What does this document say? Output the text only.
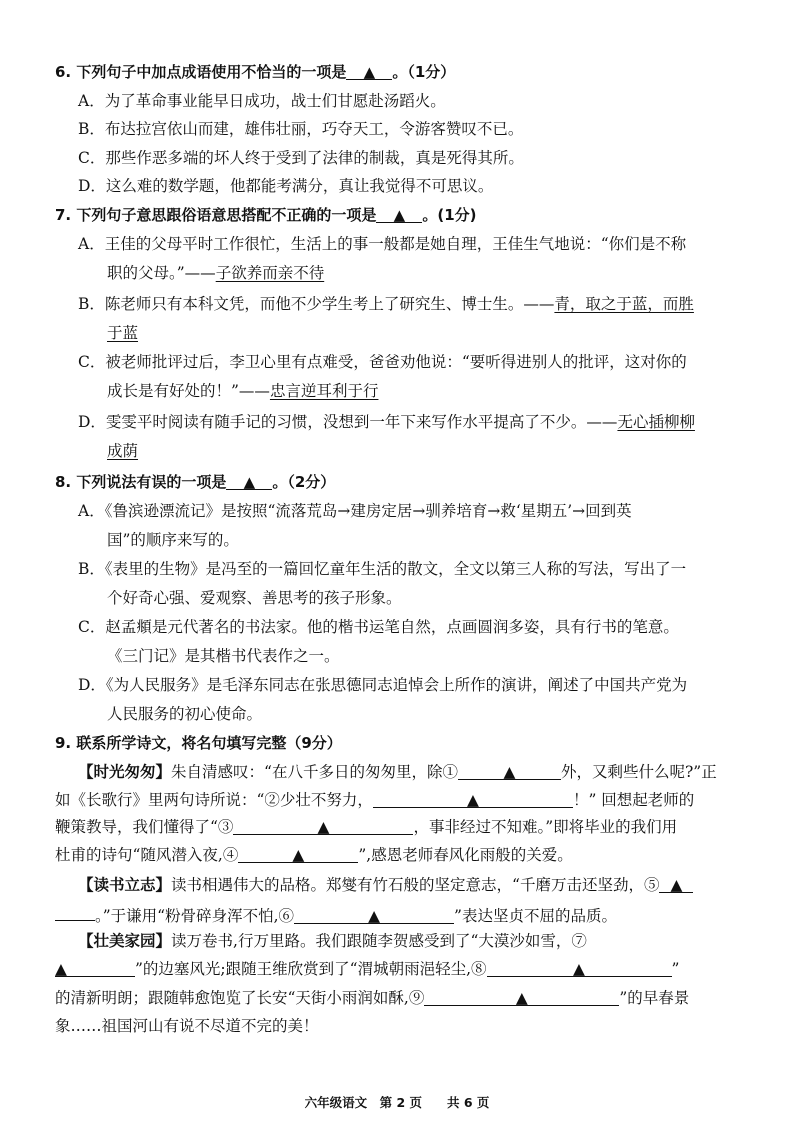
6. 下列句子中加点成语使用不恰当的一项是 ▲ 。（1分）
A．为了革命事业能早日成功，战士们甘愿赴汤蹈火。
B．布达拉宫依山而建，雄伟壮丽，巧夺天工，令游客赞叹不已。
C．那些作恶多端的坏人终于受到了法律的制裁，真是死得其所。
D．这么难的数学题，他都能考满分，真让我觉得不可思议。
7. 下列句子意思跟俗语意思搭配不正确的一项是 ▲ 。(1分)
A．王佳的父母平时工作很忙，生活上的事一般都是她自理，王佳生气地说：“你们是不称
职的父母。”——子欲养而亲不待
B．陈老师只有本科文凭，而他不少学生考上了研究生、博士生。——青，取之于蓝，而胜
于蓝
C．被老师批评过后，李卫心里有点难受，爸爸劝他说：“要听得进别人的批评，这对你的
成长是有好处的！”——忠言逆耳利于行
D．雯雯平时阅读有随手记的习惯，没想到一年下来写作水平提高了不少。——无心插柳柳
成荫
8. 下列说法有误的一项是 ▲ 。（2分）
A．《鲁滨逊漂流记》是按照“流落荒岛→建房定居→驯养培育→救‘星期五’→回到英
国”的顺序来写的。
B．《表里的生物》是冯至的一篇回忆童年生活的散文，全文以第三人称的写法，写出了一
个好奇心强、爱观察、善思考的孩子形象。
C．赵孟頫是元代著名的书法家。他的楷书运笔自然，点画圆润多姿，具有行书的笔意。
《三门记》是其楷书代表作之一。
D．《为人民服务》是毛泽东同志在张思德同志追悼会上所作的演讲，阐述了中国共产党为
人民服务的初心使命。
9. 联系所学诗文，将名句填写完整（9分）
【时光匆匆】朱自清感叹：“在八千多日的匆匆里，除①	▲	外，又剩些什么呢?”正
如《长歌行》里两句诗所说：“②少壮不努力，	▲	！” 回想起老师的
鞭策教导，我们懂得了“③	▲	，事非经过不知难。”即将毕业的我们用
杜甫的诗句“随风潜入夜,④	▲	”,感恩老师春风化雨般的关爱。
【读书立志】读书相遇伟大的品格。郑燮有竹石般的坚定意志，“千磨万击还坚劲，⑤ ▲
。”于谦用“粉骨碎身浑不怕,⑥	▲	”表达坚贞不屈的品质。
【壮美家园】读万卷书,行万里路。我们跟随李贺感受到了“大漠沙如雪，⑦
▲	”的边塞风光;跟随王维欣赏到了“渭城朝雨浥轻尘,⑧	▲	”
的清新明朗；跟随韩愈饱览了长安“天街小雨润如酥,⑨	▲	”的早春景
象……祖国河山有说不尽道不完的美！
六年级语文　第 2 页　　共 6 页
